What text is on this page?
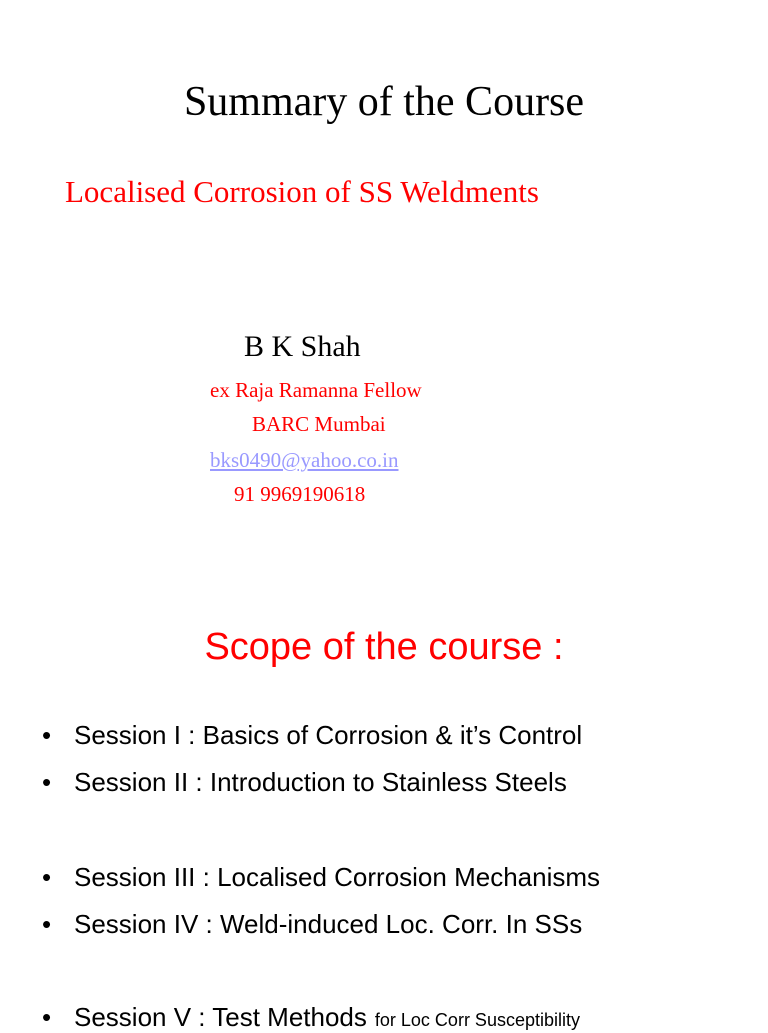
Summary of the Course
Localised Corrosion of SS Weldments
B K Shah
ex Raja Ramanna Fellow
BARC Mumbai
bks0490@yahoo.co.in
91 9969190618
Scope of the course :
• Session I : Basics of Corrosion & it’s Control
• Session II : Introduction to Stainless Steels
• Session III : Localised Corrosion Mechanisms
• Session IV : Weld-induced Loc. Corr. In SSs
• Session V : Test Methods for Loc Corr Susceptibility
